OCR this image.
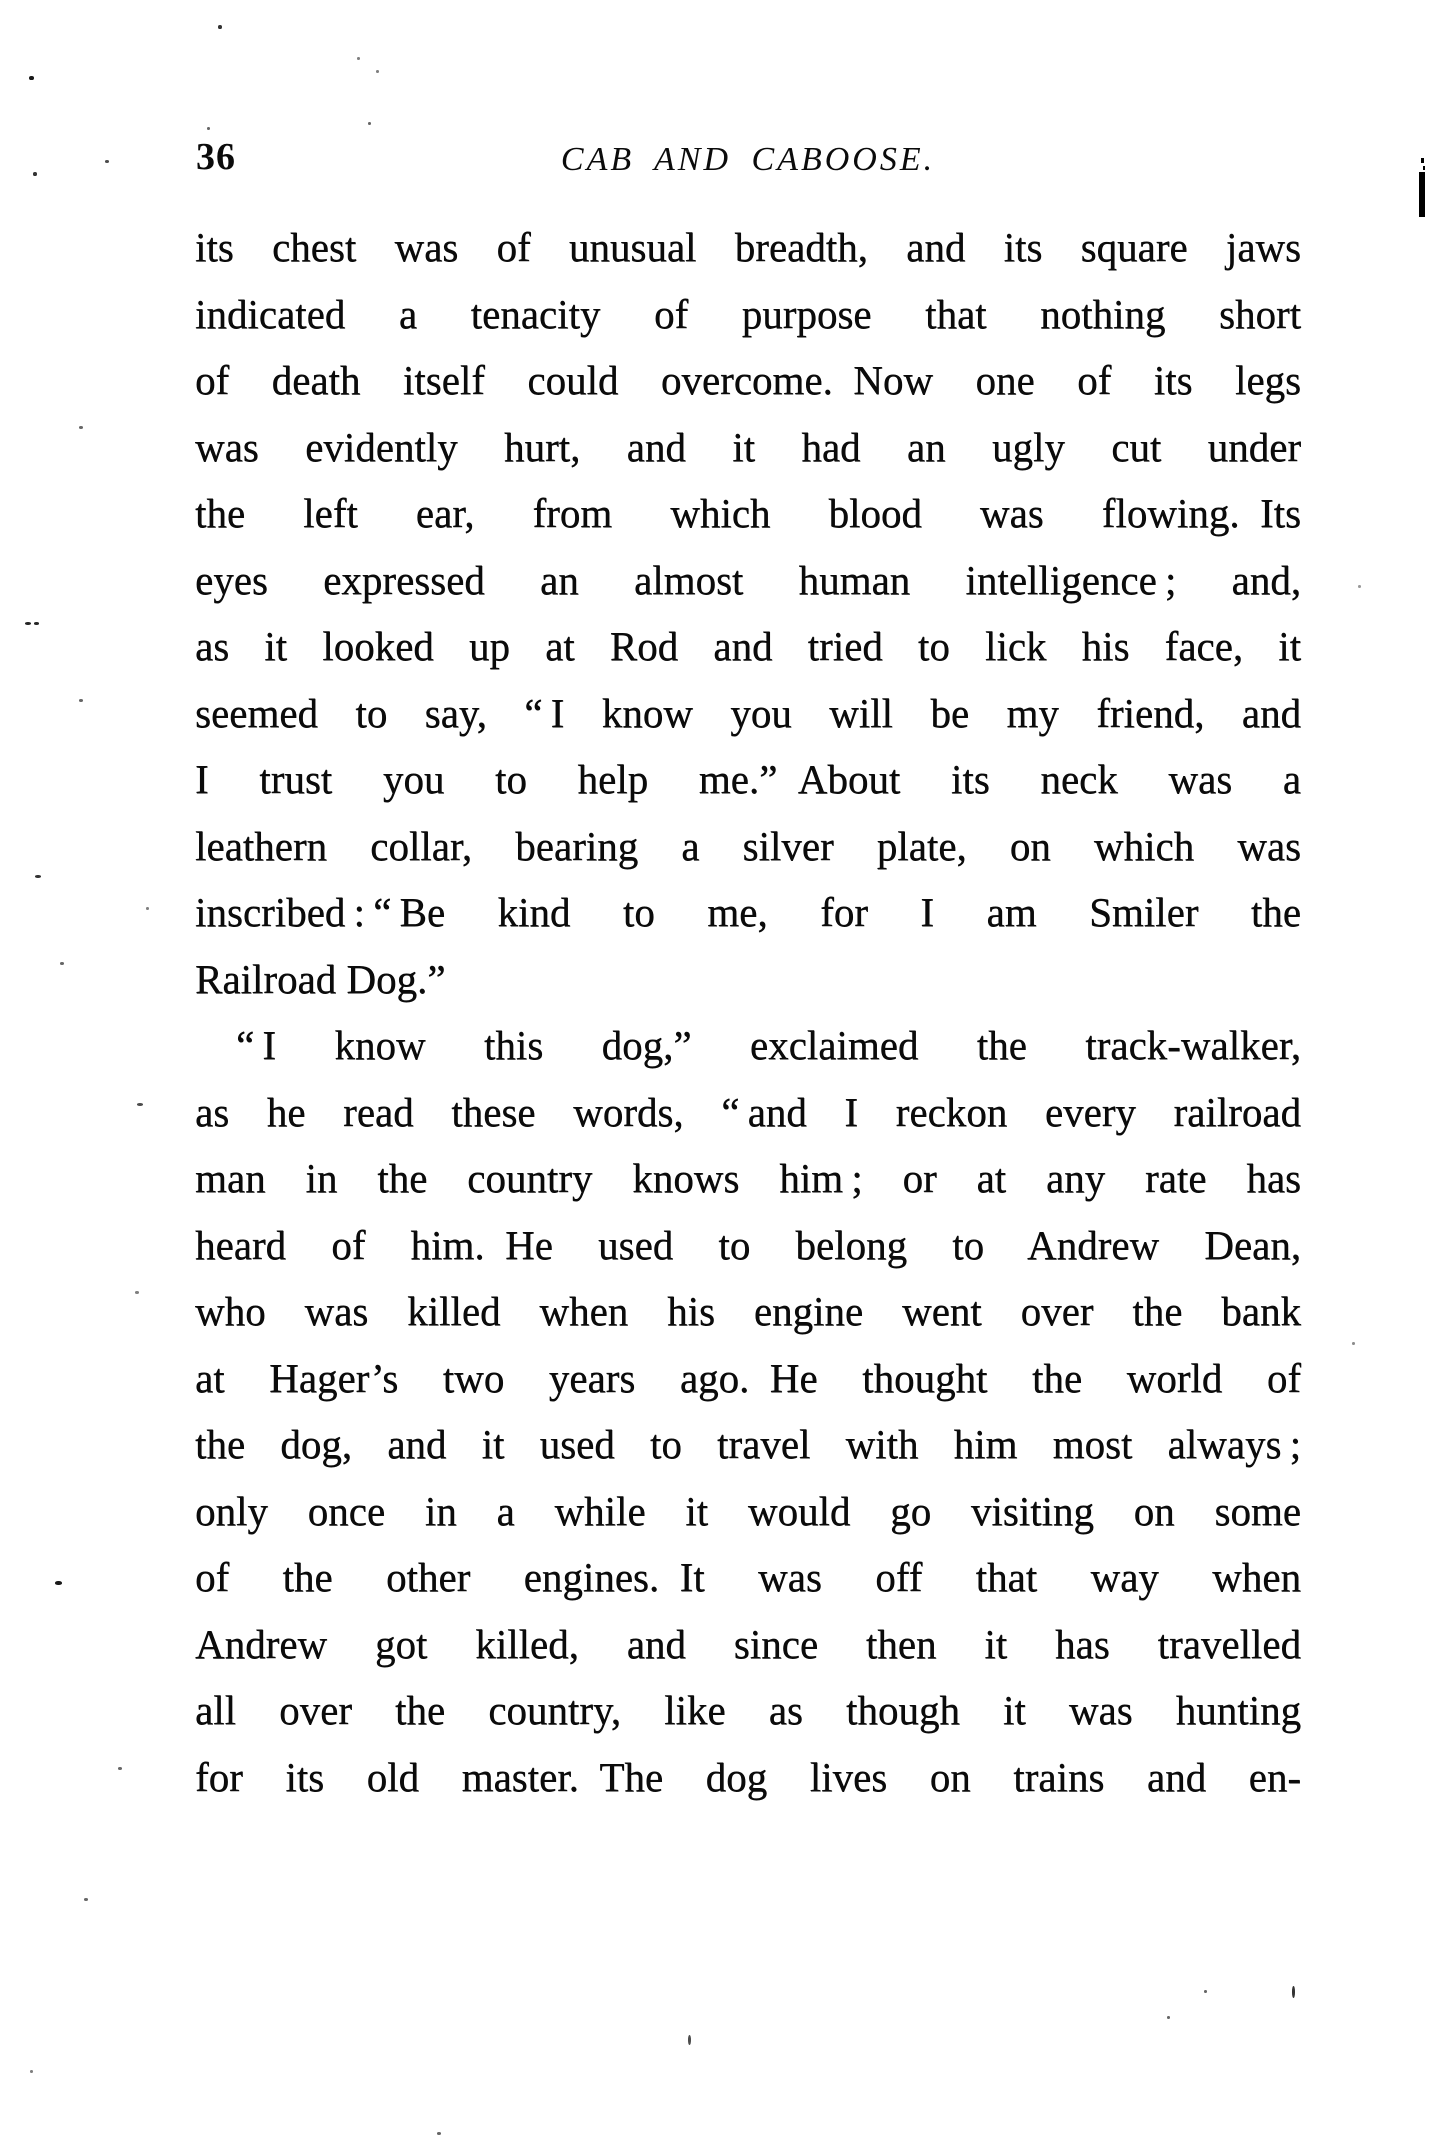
36	CAB AND CABOOSE.
its chest was of unusual breadth, and its square jaws
indicated a tenacity of purpose that nothing short
of death itself could overcome. Now one of its legs
was evidently hurt, and it had an ugly cut under
the left ear, from which blood was flowing. Its
eyes expressed an almost human intelligence ; and,
as it looked up at Rod and tried to lick his face, it
seemed to say, “ I know you will be my friend, and
I trust you to help me.” About its neck was a
leathern collar, bearing a silver plate, on which was
inscribed : “ Be kind to me, for I am Smiler the
Railroad Dog.”
“ I know this dog,” exclaimed the track-walker,
as he read these words, “ and I reckon every railroad
man in the country knows him ; or at any rate has
heard of him. He used to belong to Andrew Dean,
who was killed when his engine went over the bank
at Hager’s two years ago. He thought the world of
the dog, and it used to travel with him most always ;
only once in a while it would go visiting on some
of the other engines. It was off that way when
Andrew got killed, and since then it has travelled
all over the country, like as though it was hunting
for its old master. The dog lives on trains and en-
